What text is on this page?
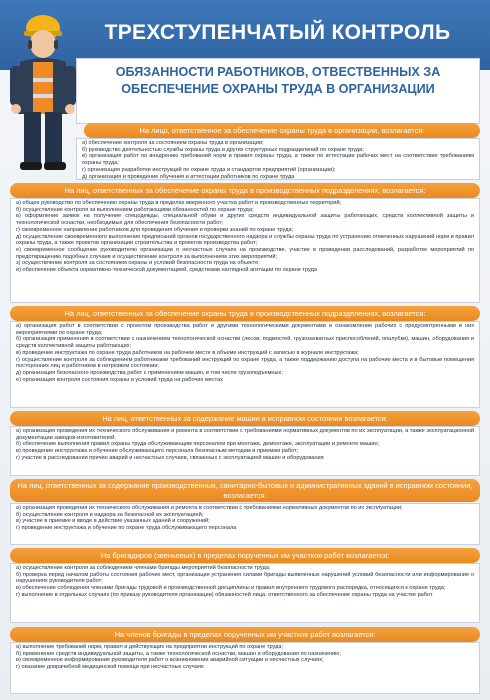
ТРЕХСТУПЕНЧАТЫЙ КОНТРОЛЬ
ОБЯЗАННОСТИ РАБОТНИКОВ, ОТВЕСТВЕННЫХ ЗА ОБЕСПЕЧЕНИЕ ОХРАНЫ ТРУДА В ОРГАНИЗАЦИИ
На лицо, ответственное за обеспечение охраны труда в организации, возлагается:
а) обеспечение контроля за состоянием охраны труда в организации;
б) руководство деятельностью службы охраны труда и других структурных подразделений по охране труда;
в) организация работ по внедрению требований норм и правил охраны труда, а также по аттестации рабочих мест на соответствие требованиям охраны труда;
г) организация разработки инструкций по охране труда и стандартов предприятий (организации);
д) организация и проведение обучения и аттестации работников по охране труда
На лиц, ответственных за обеспечение охраны труда в производственных подразделениях, возлагается:
а) общее руководство по обеспечению охраны труда в пределах вверенного участка работ и производственных территорий;
б) осуществление контроля за выполнением работающими обязанностей по охране труда;
в) оформление заявок на получение спецодежды, специальной обуви и других средств индивидуальной защиты работающих, средств коллективной защиты и технологической оснастки, необходимых для обеспечения безопасности работ;
г) своевременное направление работников для проведения обучения и проверки знаний по охране труда;
д) осуществление своевременного выполнения предписаний органов государственного надзора и службы охраны труда по устранению отмеченных нарушений норм и правил охраны труда, а также проектов организации строительства и проектов производства работ;
е) своевременное сообщение руководителю организации о несчастных случаях на производстве, участие в проведении расследований, разработке мероприятий по предотвращению подобных случаев и осуществление контроля за выполнением этих мероприятий;
з) осуществление контроля за состоянием охраны и условий безопасности труда на объекте;
и) обеспечение объекта нормативно-технической документацией, средствами наглядной агитации по охране труда
На лиц, ответственных за обеспечение охраны труда в производственных подразделениях, возлагается:
а) организация работ в соответствии с проектом производства работ и другими технологическими документами и ознакомление рабочих с предусмотренными в них мероприятиями по охране труда;
б) организация применения в соответствии с назначением технологической оснастки (лесов, подмостей, грузозахватных приспособлений, опалубки), машин, оборудования и средств коллективной защиты работающих;
в) проведение инструктажа по охране труда работников на рабочем месте в объеме инструкций с записью в журнале инструктажа;
г) осуществление контроля за соблюдением работниками требований инструкций по охране труда, а также поддержанию доступа на рабочие места и в бытовые помещения посторонних лиц и работников в нетрезвом состоянии;
д) организация безопасного производства работ с применением машин, в том числе грузоподъемных;
е) организация контроля состояния охраны и условий труда на рабочих местах
На лиц, ответственных за содержание машин в исправном состоянии возлагается:
а) организация проведения их технического обслуживания и ремонта в соответствии с требованиями нормативных документов по их эксплуатации, а также эксплуатационной документации заводов-изготовителей;
б) обеспечение выполнения правил охраны труда обслуживающим персоналом при монтаже, демонтаже, эксплуатации и ремонте машин;
в) проведение инструктажа и обучения обслуживающего персонала безопасным методам и приемам работ;
г) участие в расследовании причин аварий и несчастных случаев, связанных с эксплуатацией машин и оборудования
На лиц, ответственных за содержание производственных, санитарно-бытовых и административных зданий в исправном состоянии, возлагается:
а) организация проведения их технического обслуживания и ремонта в соответствии с требованиями нормативных документов по их эксплуатации;
б) осуществление контроля и надзора за безопасной их эксплуатацией;
в) участие в приемке и вводе в действие указанных зданий и сооружений;
г) проведение инструктажа и обучение по охране труда обслуживающего персонала
На бригадиров (звеньевых) в пределах порученных им участков работ возлагается:
а) осуществление контроля за соблюдением членами бригады мероприятий безопасности труда;
б) проверка перед началом работы состояния рабочих мест, организация устранения силами бригады выявленных нарушений условий безопасности или информирование о нарушениях руководителя работ;
в) обеспечение соблюдения членами бригады трудовой и производственной дисциплины и правил внутреннего трудового распорядка, относящихся к охране труда;
г) выполнение в отдельных случаях (по приказу руководителя организации) обязанностей лица, ответственного за обеспечение охраны труда на участке работ
На членов бригады в пределах порученных им участков работ возлагается:
а) выполнение требований норм, правил и действующих на предприятии инструкций по охране труда;
б) применение средств индивидуальной защиты, а также технологической оснастки, машин и оборудования по назначению;
в) своевременное информирование руководителя работ о возникновении аварийной ситуации и несчастных случаях;
г) оказание доврачебной медицинской помощи при несчастных случаях
